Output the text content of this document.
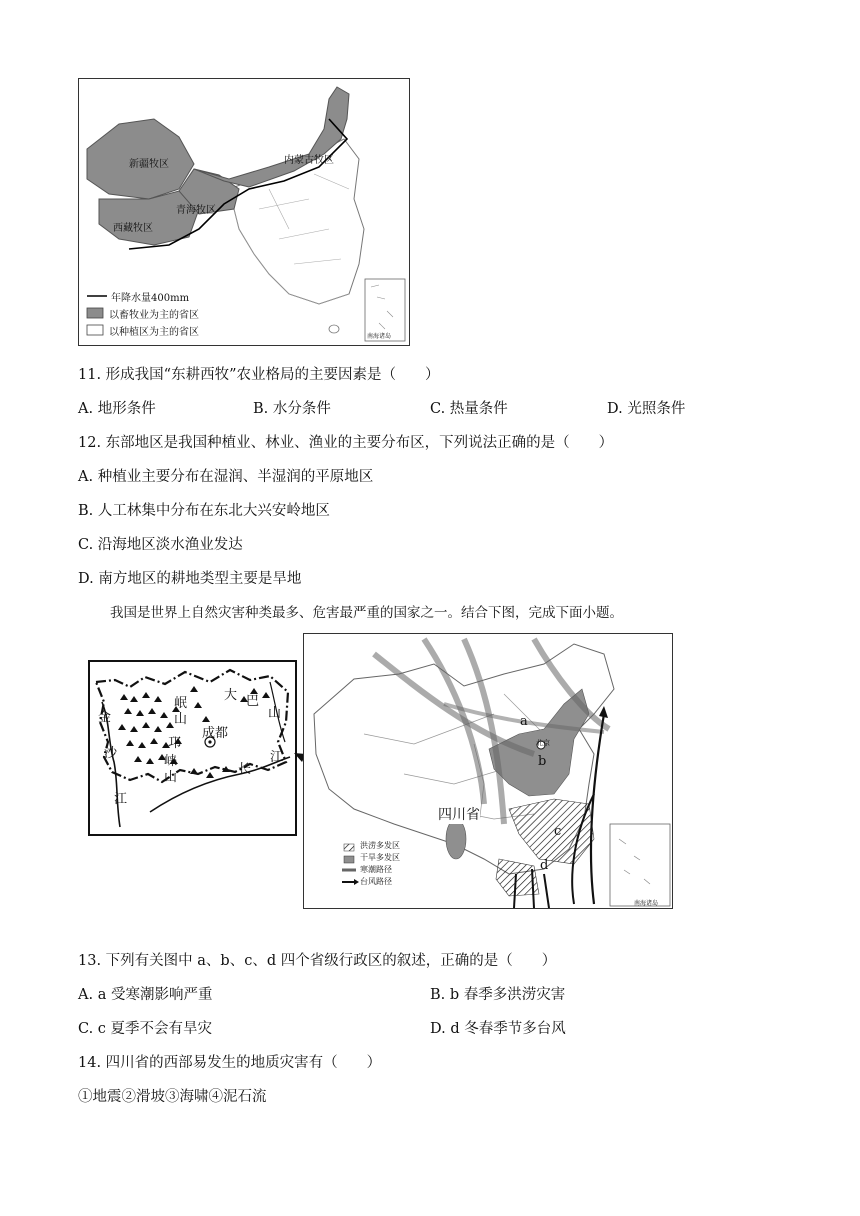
新疆牧区	内蒙古牧区
青海牧区
西藏牧区
年降水量400mm
以畜牧业为主的省区
以种植区为主的省区	南海诸岛
11. 形成我国“东耕西牧”农业格局的主要因素是（　　）
A. 地形条件	B. 水分条件	C. 热量条件	D. 光照条件
12. 东部地区是我国种植业、林业、渔业的主要分布区，下列说法正确的是（　　）
A. 种植业主要分布在湿润、半湿润的平原地区
B. 人工林集中分布在东北大兴安岭地区
C. 沿海地区淡水渔业发达
D. 南方地区的耕地类型主要是旱地
我国是世界上自然灾害种类最多、危害最严重的国家之一。结合下图，完成下面小题。
金
沙
江
岷
山
邛
崃
山
大 巴
山
成都
长
江
四川省
北京
a
b
c
d
洪涝多发区
干旱多发区
寒潮路径
台风路径
南海诸岛
13. 下列有关图中 a、b、c、d 四个省级行政区的叙述，正确的是（　　）
A. a 受寒潮影响严重	B. b 春季多洪涝灾害
C. c 夏季不会有旱灾	D. d 冬春季节多台风
14. 四川省的西部易发生的地质灾害有（　　）
①地震②滑坡③海啸④泥石流
